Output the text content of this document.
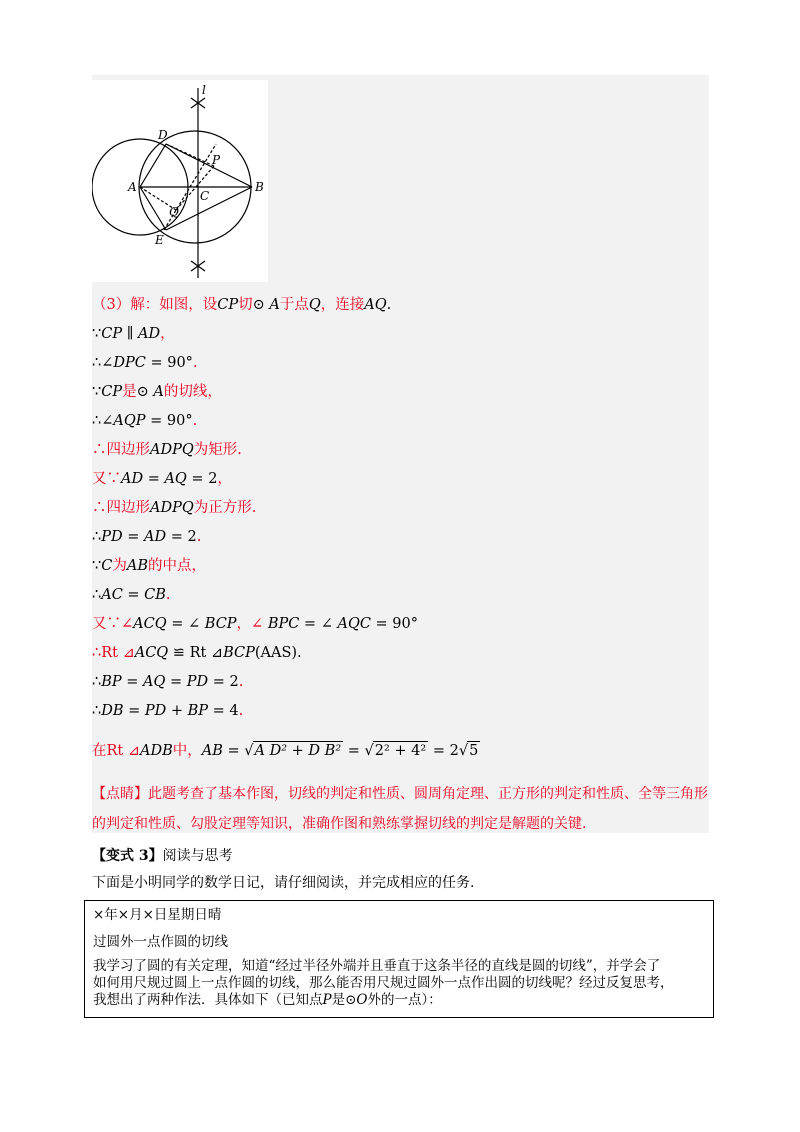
l
D
P
A
C
B
Q
E
（3）解：如图，设CP切⊙ A于点Q，连接AQ.
∵CP ∥ AD，
∴∠DPC = 90°.
∵CP是⊙ A的切线，
∴∠AQP = 90°.
∴四边形ADPQ为矩形.
又∵AD = AQ = 2，
∴四边形ADPQ为正方形.
∴PD = AD = 2.
∵C为AB的中点，
∴AC = CB.
又∵∠ACQ = ∠ BCP，∠ BPC = ∠ AQC = 90°
∴Rt ⊿ACQ ≌ Rt ⊿BCP(AAS).
∴BP = AQ = PD = 2.
∴DB = PD + BP = 4.
在Rt ⊿ADB中，AB = √A D² + D B² = √2² + 4² = 2√5
【点睛】此题考查了基本作图，切线的判定和性质、圆周角定理、正方形的判定和性质、全等三角形的判定和性质、勾股定理等知识，准确作图和熟练掌握切线的判定是解题的关键.
【变式 3】阅读与思考
下面是小明同学的数学日记，请仔细阅读，并完成相应的任务.
×年×月×日星期日晴
过圆外一点作圆的切线
我学习了圆的有关定理，知道“经过半径外端并且垂直于这条半径的直线是圆的切线”，并学会了
如何用尺规过圆上一点作圆的切线，那么能否用尺规过圆外一点作出圆的切线呢？经过反复思考，
我想出了两种作法．具体如下（已知点P是⊙O外的一点）：
